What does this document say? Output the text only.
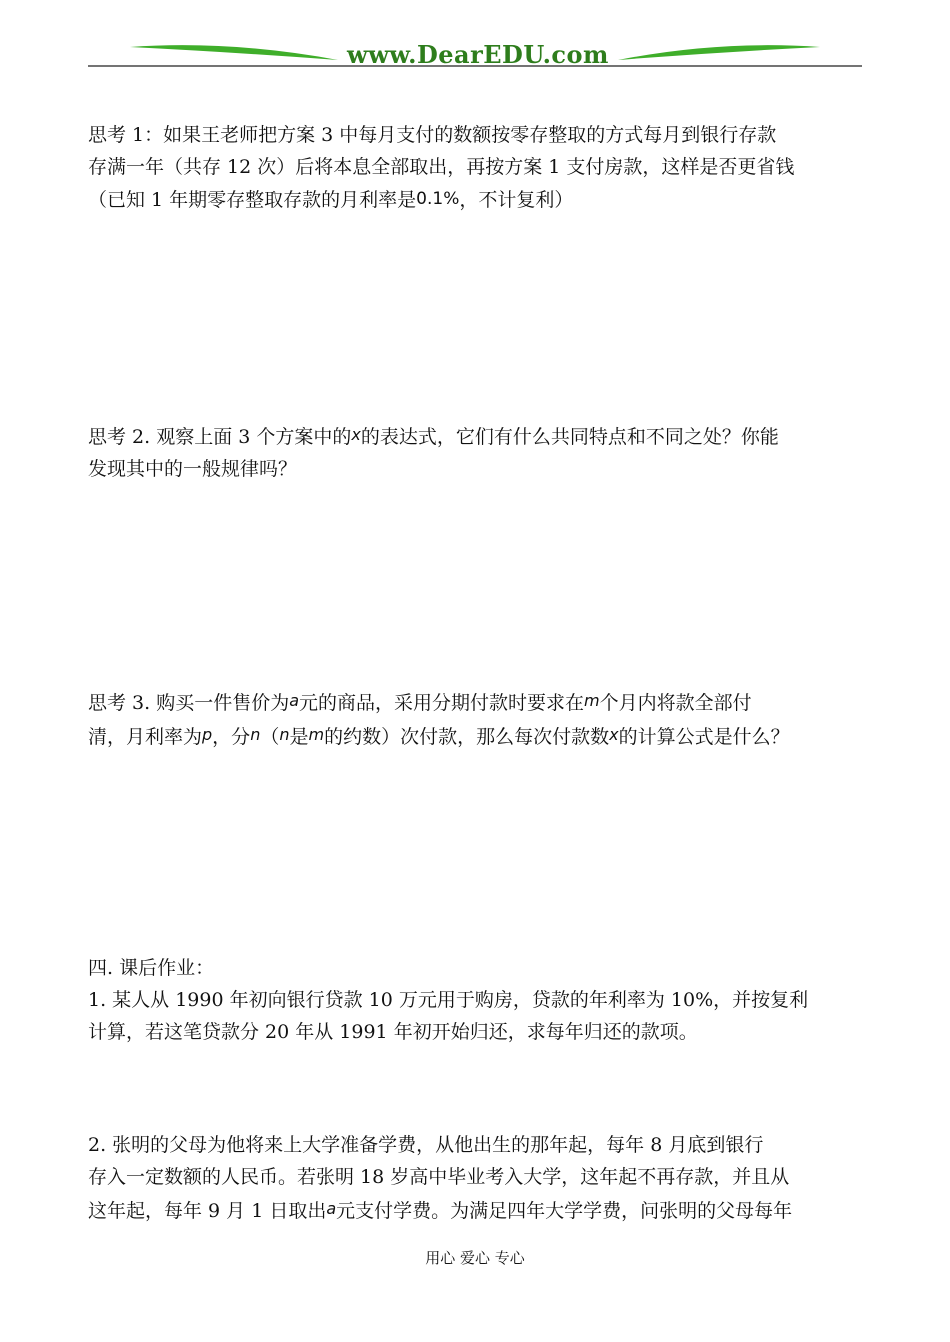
www.DearEDU.com

思考 1：如果王老师把方案 3 中每月支付的数额按零存整取的方式每月到银行存款

存满一年（共存 12 次）后将本息全部取出，再按方案 1 支付房款，这样是否更省钱

（已知 1 年期零存整取存款的月利率是0.1%，不计复利）

思考 2. 观察上面 3 个方案中的x的表达式，它们有什么共同特点和不同之处？你能

发现其中的一般规律吗？

思考 3. 购买一件售价为a元的商品，采用分期付款时要求在m个月内将款全部付

清，月利率为p，分n（n是m的约数）次付款，那么每次付款数x的计算公式是什么？

四. 课后作业：

1. 某人从 1990 年初向银行贷款 10 万元用于购房，贷款的年利率为 10%，并按复利

计算，若这笔贷款分 20 年从 1991 年初开始归还，求每年归还的款项。

2. 张明的父母为他将来上大学准备学费，从他出生的那年起，每年 8 月底到银行

存入一定数额的人民币。若张明 18 岁高中毕业考入大学，这年起不再存款，并且从

这年起，每年 9 月 1 日取出a元支付学费。为满足四年大学学费，问张明的父母每年

用心 爱心 专心
